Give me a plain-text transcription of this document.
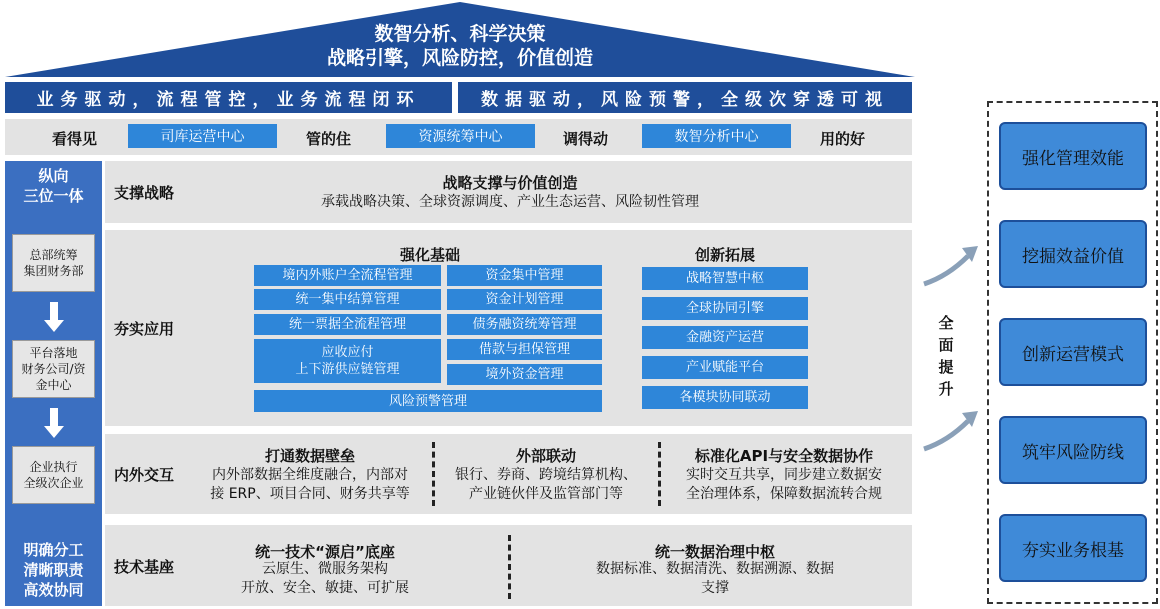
数智分析、科学决策
战略引擎，风险防控，价值创造
业务驱动，流程管控，业务流程闭环	数据驱动，风险预警，全级次穿透可视
看得见	司库运营中心	管的住	资源统筹中心	调得动	数智分析中心	用的好
纵向
三位一体
总部统筹
集团财务部
平台落地
财务公司/资
金中心
企业执行
全级次企业
明确分工
清晰职责
高效协同
支撑战略
战略支撑与价值创造
承载战略决策、全球资源调度、产业生态运营、风险韧性管理
夯实应用
强化基础
境内外账户全流程管理
统一集中结算管理
统一票据全流程管理
应收应付
上下游供应链管理
资金集中管理
资金计划管理
债务融资统筹管理
借款与担保管理
境外资金管理
风险预警管理
创新拓展
战略智慧中枢
全球协同引擎
金融资产运营
产业赋能平台
各模块协同联动
内外交互
打通数据壁垒
内外部数据全维度融合，内部对
接 ERP、项目合同、财务共享等
外部联动
银行、券商、跨境结算机构、
产业链伙伴及监管部门等
标准化API与安全数据协作
实时交互共享，同步建立数据安
全治理体系，保障数据流转合规
技术基座
统一技术“源启”底座
云原生、微服务架构
开放、安全、敏捷、可扩展
统一数据治理中枢
数据标准、数据清洗、数据溯源、数据
支撑
全
面
提
升
强化管理效能
挖掘效益价值
创新运营模式
筑牢风险防线
夯实业务根基
